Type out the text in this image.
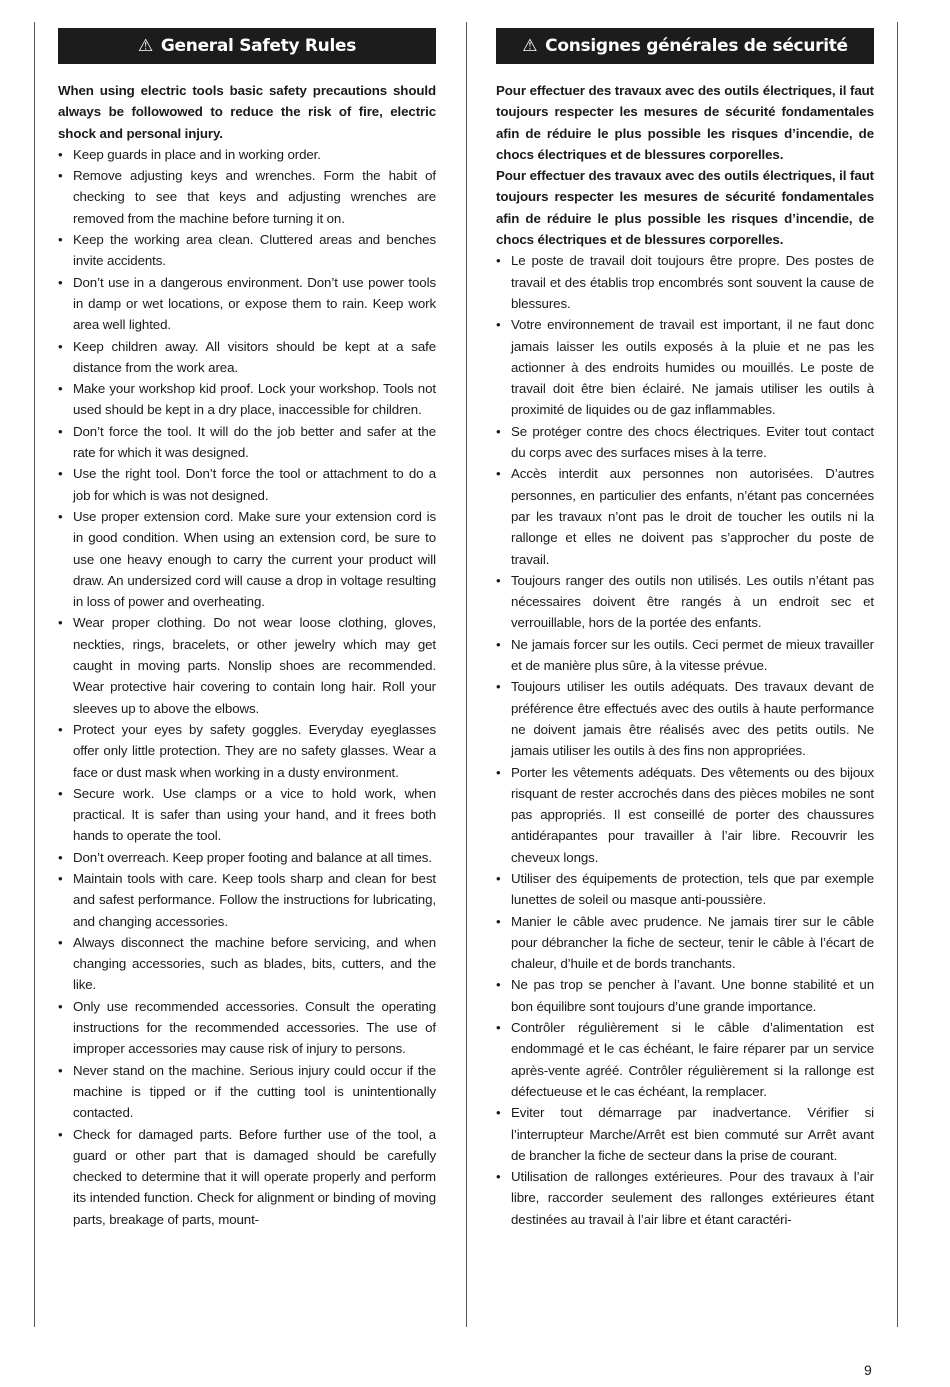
⚠ General Safety Rules

When using electric tools basic safety precautions should always be followowed to reduce the risk of fire, electric shock and personal injury.

• Keep guards in place and in working order.
• Remove adjusting keys and wrenches. Form the habit of checking to see that keys and adjusting wrenches are removed from the machine before turning it on.
• Keep the working area clean. Cluttered areas and benches invite accidents.
• Don’t use in a dangerous environment. Don’t use power tools in damp or wet locations, or expose them to rain. Keep work area well lighted.
• Keep children away. All visitors should be kept at a safe distance from the work area.
• Make your workshop kid proof. Lock your workshop. Tools not used should be kept in a dry place, inaccessible for children.
• Don’t force the tool. It will do the job better and safer at the rate for which it was designed.
• Use the right tool. Don’t force the tool or attachment to do a job for which is was not designed.
• Use proper extension cord. Make sure your extension cord is in good condition. When using an extension cord, be sure to use one heavy enough to carry the current your product will draw. An undersized cord will cause a drop in voltage resulting in loss of power and overheating.
• Wear proper clothing. Do not wear loose clothing, gloves, neckties, rings, bracelets, or other jewelry which may get caught in moving parts. Nonslip shoes are recommended. Wear protective hair covering to contain long hair. Roll your sleeves up to above the elbows.
• Protect your eyes by safety goggles. Everyday eyeglasses offer only little protection. They are no safety glasses. Wear a face or dust mask when working in a dusty environment.
• Secure work. Use clamps or a vice to hold work, when practical. It is safer than using your hand, and it frees both hands to operate the tool.
• Don’t overreach. Keep proper footing and balance at all times.
• Maintain tools with care. Keep tools sharp and clean for best and safest performance. Follow the instructions for lubricating, and changing accessories.
• Always disconnect the machine before servicing, and when changing accessories, such as blades, bits, cutters, and the like.
• Only use recommended accessories. Consult the operating instructions for the recommended accessories. The use of improper accessories may cause risk of injury to persons.
• Never stand on the machine. Serious injury could occur if the machine is tipped or if the cutting tool is unintentionally contacted.
• Check for damaged parts. Before further use of the tool, a guard or other part that is damaged should be carefully checked to determine that it will operate properly and perform its intended function. Check for alignment or binding of moving parts, breakage of parts, mount-
⚠ Consignes générales de sécurité

Pour effectuer des travaux avec des outils électriques, il faut toujours respecter les mesures de sécurité fondamentales afin de réduire le plus possible les risques d’incendie, de chocs électriques et de blessures corporelles.

Pour effectuer des travaux avec des outils électriques, il faut toujours respecter les mesures de sécurité fondamentales afin de réduire le plus possible les risques d’incendie, de chocs électriques et de blessures corporelles.

• Le poste de travail doit toujours être propre. Des postes de travail et des établis trop encombrés sont souvent la cause de blessures.
• Votre environnement de travail est important, il ne faut donc jamais laisser les outils exposés à la pluie et ne pas les actionner à des endroits humides ou mouillés. Le poste de travail doit être bien éclairé. Ne jamais utiliser les outils à proximité de liquides ou de gaz inflammables.
• Se protéger contre des chocs électriques. Eviter tout contact du corps avec des surfaces mises à la terre.
• Accès interdit aux personnes non autorisées. D’autres personnes, en particulier des enfants, n’étant pas concernées par les travaux n’ont pas le droit de toucher les outils ni la rallonge et elles ne doivent pas s’approcher du poste de travail.
• Toujours ranger des outils non utilisés. Les outils n’étant pas nécessaires doivent être rangés à un endroit sec et verrouillable, hors de la portée des enfants.
• Ne jamais forcer sur les outils. Ceci permet de mieux travailler et de manière plus sûre, à la vitesse prévue.
• Toujours utiliser les outils adéquats. Des travaux devant de préférence être effectués avec des outils à haute performance ne doivent jamais être réalisés avec des petits outils. Ne jamais utiliser les outils à des fins non appropriées.
• Porter les vêtements adéquats. Des vêtements ou des bijoux risquant de rester accrochés dans des pièces mobiles ne sont pas appropriés. Il est conseillé de porter des chaussures antidérapantes pour travailler à l’air libre. Recouvrir les cheveux longs.
• Utiliser des équipements de protection, tels que par exemple lunettes de soleil ou masque anti-poussière.
• Manier le câble avec prudence. Ne jamais tirer sur le câble pour débrancher la fiche de secteur, tenir le câble à l’écart de chaleur, d’huile et de bords tranchants.
• Ne pas trop se pencher à l’avant. Une bonne stabilité et un bon équilibre sont toujours d’une grande importance.
• Contrôler régulièrement si le câble d’alimentation est endommagé et le cas échéant, le faire réparer par un service après-vente agréé. Contrôler régulièrement si la rallonge est défectueuse et le cas échéant, la remplacer.
• Eviter tout démarrage par inadvertance. Vérifier si l’interrupteur Marche/Arrêt est bien commuté sur Arrêt avant de brancher la fiche de secteur dans la prise de courant.
• Utilisation de rallonges extérieures. Pour des travaux à l’air libre, raccorder seulement des rallonges extérieures étant destinées au travail à l’air libre et étant caractéri-
9
